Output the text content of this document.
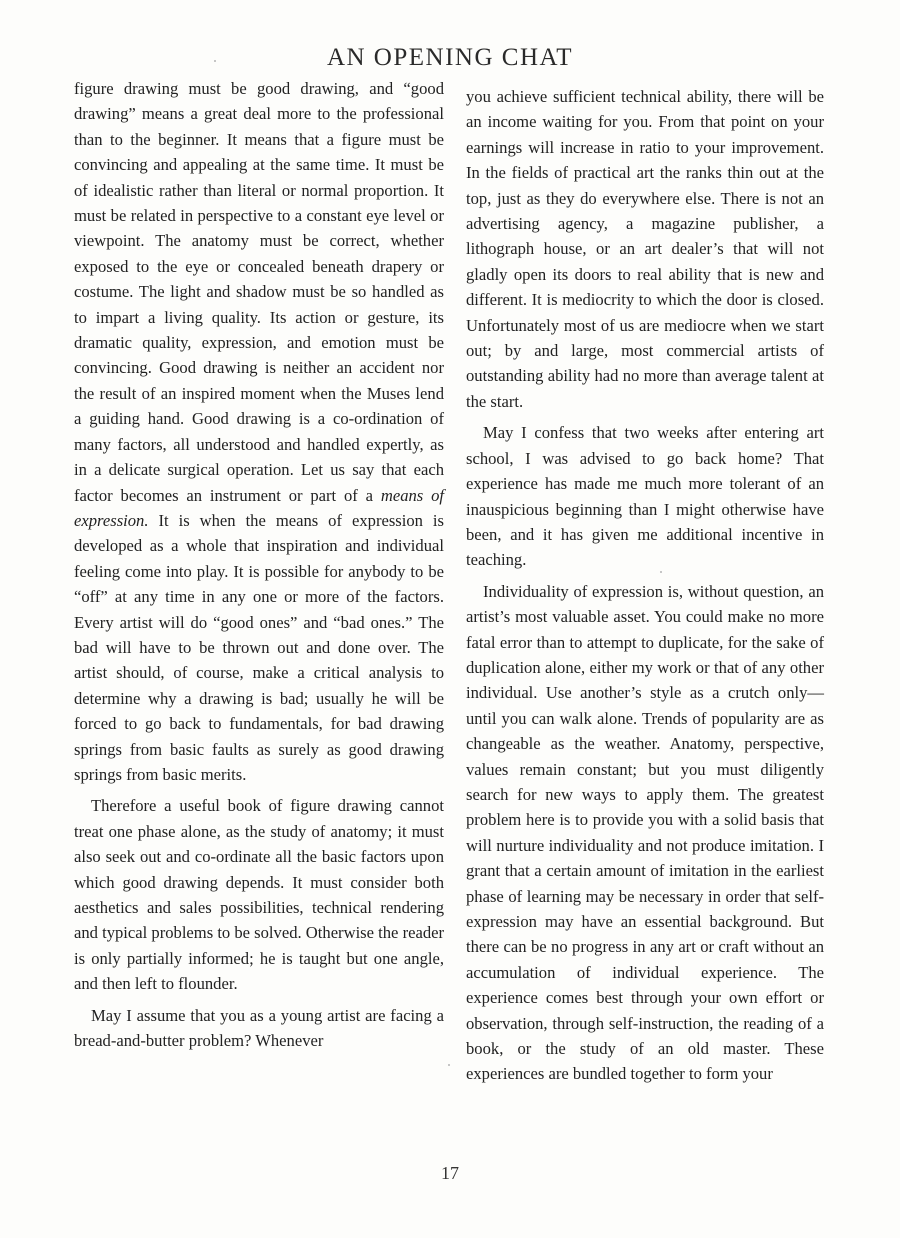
AN OPENING CHAT

figure drawing must be good drawing, and “good drawing” means a great deal more to the professional than to the beginner. It means that a figure must be convincing and appealing at the same time. It must be of idealistic rather than literal or normal proportion. It must be related in perspective to a constant eye level or viewpoint. The anatomy must be correct, whether exposed to the eye or concealed beneath drapery or costume. The light and shadow must be so handled as to impart a living quality. Its action or gesture, its dramatic quality, expression, and emotion must be convincing. Good drawing is neither an accident nor the result of an inspired moment when the Muses lend a guiding hand. Good drawing is a co-ordination of many factors, all understood and handled expertly, as in a delicate surgical operation. Let us say that each factor becomes an instrument or part of a means of expression. It is when the means of expression is developed as a whole that inspiration and individual feeling come into play. It is possible for anybody to be “off” at any time in any one or more of the factors. Every artist will do “good ones” and “bad ones.” The bad will have to be thrown out and done over. The artist should, of course, make a critical analysis to determine why a drawing is bad; usually he will be forced to go back to fundamentals, for bad drawing springs from basic faults as surely as good drawing springs from basic merits.

Therefore a useful book of figure drawing cannot treat one phase alone, as the study of anatomy; it must also seek out and co-ordinate all the basic factors upon which good drawing depends. It must consider both aesthetics and sales possibilities, technical rendering and typical problems to be solved. Otherwise the reader is only partially informed; he is taught but one angle, and then left to flounder.

May I assume that you as a young artist are facing a bread-and-butter problem? Whenever

you achieve sufficient technical ability, there will be an income waiting for you. From that point on your earnings will increase in ratio to your improvement. In the fields of practical art the ranks thin out at the top, just as they do everywhere else. There is not an advertising agency, a magazine publisher, a lithograph house, or an art dealer’s that will not gladly open its doors to real ability that is new and different. It is mediocrity to which the door is closed. Unfortunately most of us are mediocre when we start out; by and large, most commercial artists of outstanding ability had no more than average talent at the start.

May I confess that two weeks after entering art school, I was advised to go back home? That experience has made me much more tolerant of an inauspicious beginning than I might otherwise have been, and it has given me additional incentive in teaching.

Individuality of expression is, without question, an artist’s most valuable asset. You could make no more fatal error than to attempt to duplicate, for the sake of duplication alone, either my work or that of any other individual. Use another’s style as a crutch only—until you can walk alone. Trends of popularity are as changeable as the weather. Anatomy, perspective, values remain constant; but you must diligently search for new ways to apply them. The greatest problem here is to provide you with a solid basis that will nurture individuality and not produce imitation. I grant that a certain amount of imitation in the earliest phase of learning may be necessary in order that self-expression may have an essential background. But there can be no progress in any art or craft without an accumulation of individual experience. The experience comes best through your own effort or observation, through self-instruction, the reading of a book, or the study of an old master. These experiences are bundled together to form your

17
